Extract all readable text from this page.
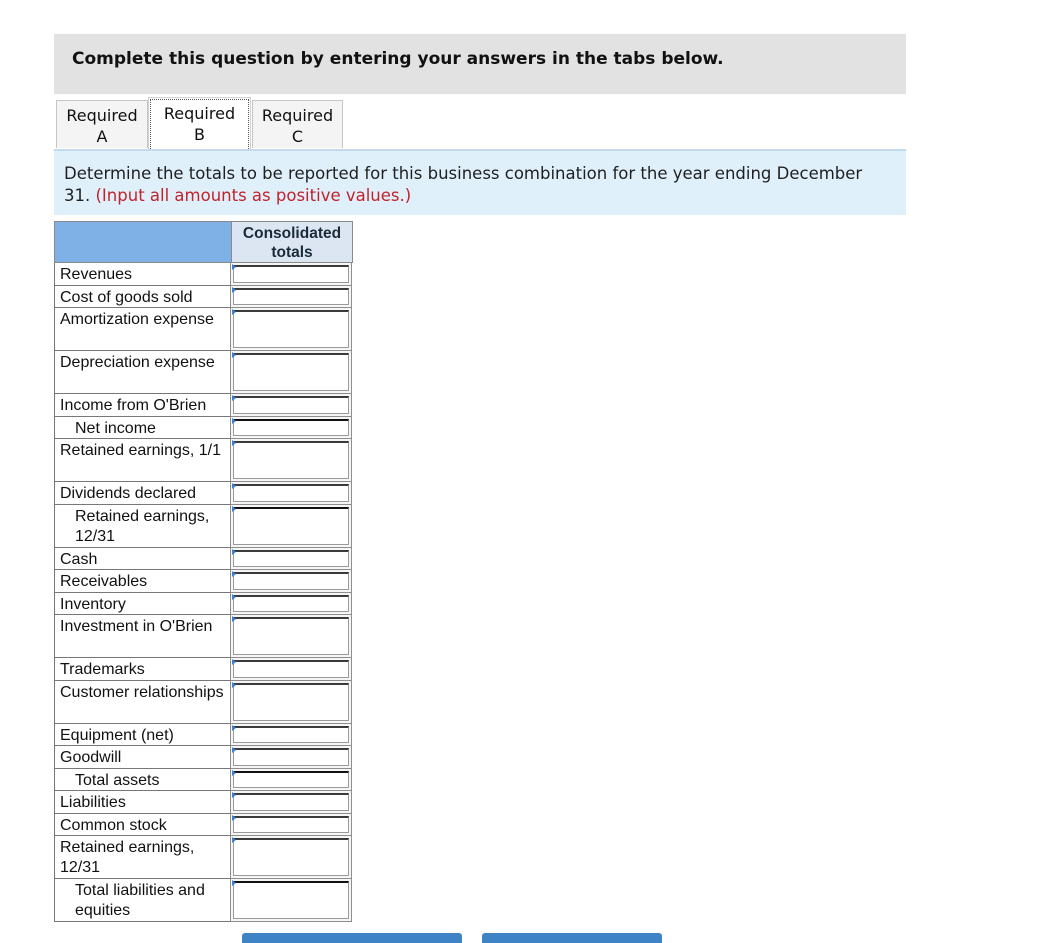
Complete this question by entering your answers in the tabs below.
Required
A
Required
B
Required
C
Determine the totals to be reported for this business combination for the year ending December 31. (Input all amounts as positive values.)
Consolidated totals
Revenues
Cost of goods sold
Amortization expense
Depreciation expense
Income from O'Brien
Net income
Retained earnings, 1/1
Dividends declared
Retained earnings, 12/31
Cash
Receivables
Inventory
Investment in O'Brien
Trademarks
Customer relationships
Equipment (net)
Goodwill
Total assets
Liabilities
Common stock
Retained earnings, 12/31
Total liabilities and equities
